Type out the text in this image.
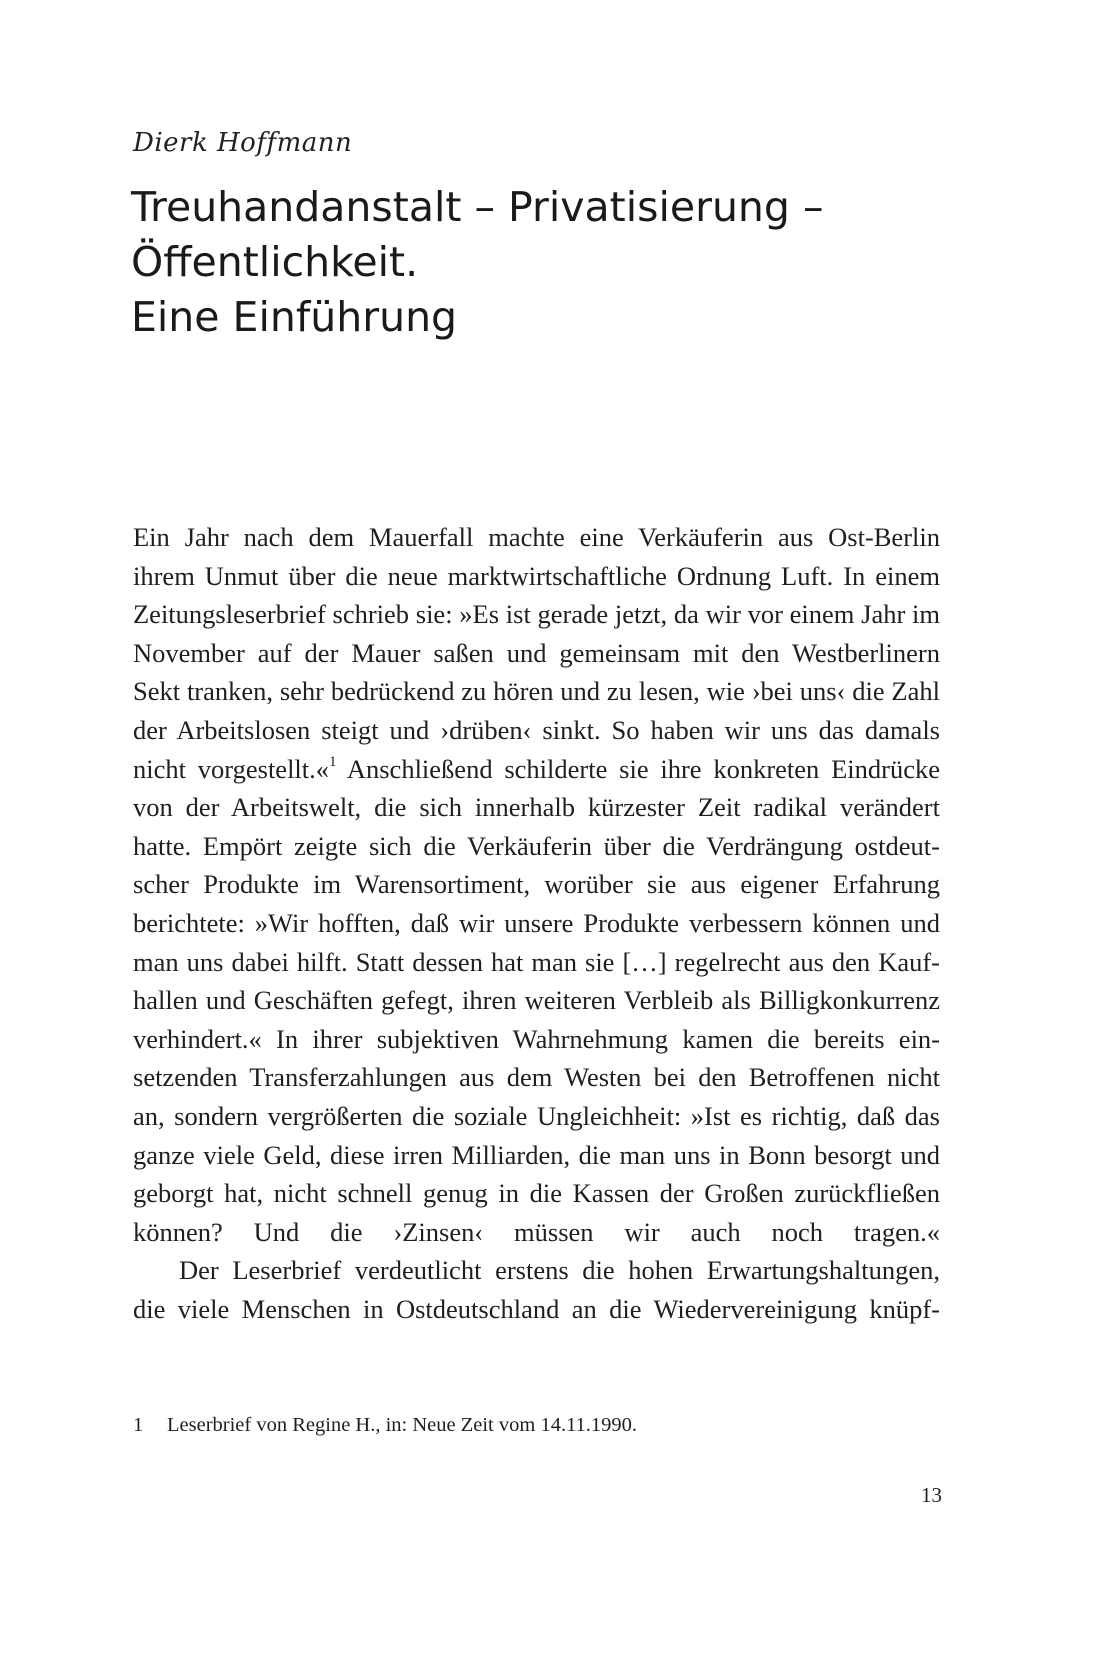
Dierk Hoffmann

Treuhandanstalt – Privatisierung –
Öffentlichkeit.
Eine Einführung
Ein Jahr nach dem Mauerfall machte eine Verkäuferin aus Ost-Berlin
ihrem Unmut über die neue marktwirtschaftliche Ordnung Luft. In einem
Zeitungsleserbrief schrieb sie: »Es ist gerade jetzt, da wir vor einem Jahr im
November auf der Mauer saßen und gemeinsam mit den Westberlinern
Sekt tranken, sehr bedrückend zu hören und zu lesen, wie ›bei uns‹ die Zahl
der Arbeitslosen steigt und ›drüben‹ sinkt. So haben wir uns das damals
nicht vorgestellt.«$^1$ Anschließend schilderte sie ihre konkreten Eindrücke
von der Arbeitswelt, die sich innerhalb kürzester Zeit radikal verändert
hatte. Empört zeigte sich die Verkäuferin über die Verdrängung ostdeut-
scher Produkte im Warensortiment, worüber sie aus eigener Erfahrung
berichtete: »Wir hofften, daß wir unsere Produkte verbessern können und
man uns dabei hilft. Statt dessen hat man sie […] regelrecht aus den Kauf-
hallen und Geschäften gefegt, ihren weiteren Verbleib als Billigkonkurrenz
verhindert.« In ihrer subjektiven Wahrnehmung kamen die bereits ein-
setzenden Transferzahlungen aus dem Westen bei den Betroffenen nicht
an, sondern vergrößerten die soziale Ungleichheit: »Ist es richtig, daß das
ganze viele Geld, diese irren Milliarden, die man uns in Bonn besorgt und
geborgt hat, nicht schnell genug in die Kassen der Großen zurückfließen
können? Und die ›Zinsen‹ müssen wir auch noch tragen.«
Der Leserbrief verdeutlicht erstens die hohen Erwartungshaltungen,
die viele Menschen in Ostdeutschland an die Wiedervereinigung knüpf-

1 Leserbrief von Regine H., in: Neue Zeit vom 14.11.1990.

13
